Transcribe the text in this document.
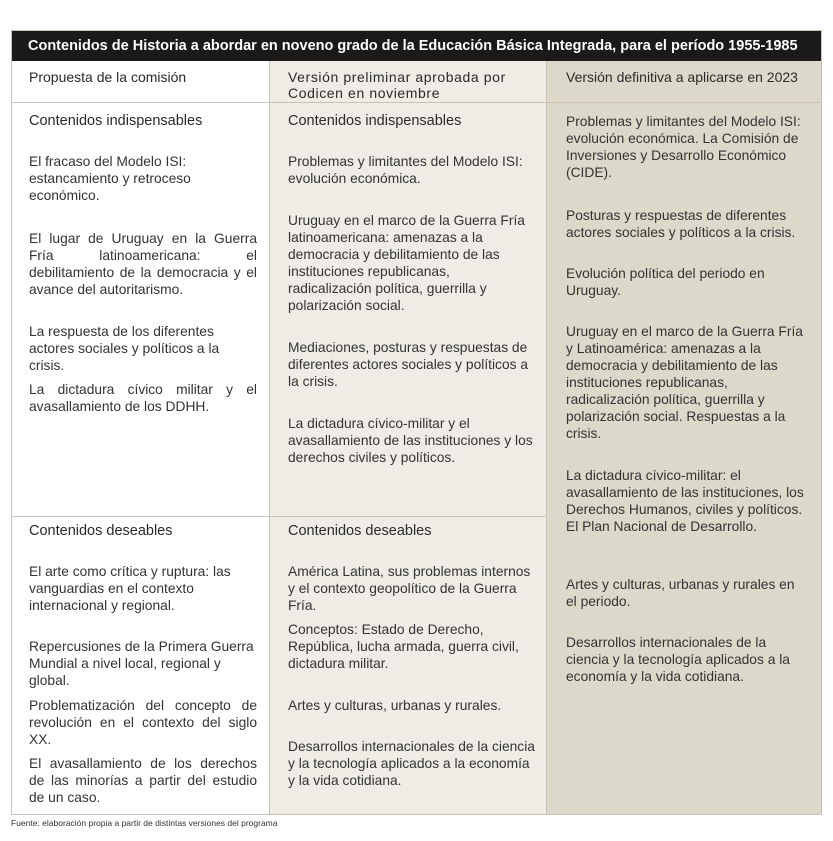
Contenidos de Historia a abordar en noveno grado de la Educación Básica Integrada, para el período 1955-1985
Propuesta de la comisión
Contenidos indispensables
El fracaso del Modelo ISI: estancamiento y retroceso económico.
El lugar de Uruguay en la Guerra Fría latinoamericana: el debilitamiento de la democracia y el avance del autoritarismo.
La respuesta de los diferentes actores sociales y políticos a la crisis.
La dictadura cívico militar y el avasallamiento de los DDHH.
Contenidos deseables
El arte como crítica y ruptura: las vanguardias en el contexto internacional y regional.
Repercusiones de la Primera Guerra Mundial a nivel local, regional y global.
Problematización del concepto de revolución en el contexto del siglo XX.
El avasallamiento de los derechos de las minorías a partir del estudio de un caso.
Versión preliminar aprobada por Codicen en noviembre
Contenidos indispensables
Problemas y limitantes del Modelo ISI: evolución económica.
Uruguay en el marco de la Guerra Fría latinoamericana: amenazas a la democracia y debilitamiento de las instituciones republicanas, radicalización política, guerrilla y polarización social.
Mediaciones, posturas y respuestas de diferentes actores sociales y políticos a la crisis.
La dictadura cívico-militar y el avasallamiento de las instituciones y los derechos civiles y políticos.
Contenidos deseables
América Latina, sus problemas internos y el contexto geopolítico de la Guerra Fría.
Conceptos: Estado de Derecho, República, lucha armada, guerra civil, dictadura militar.
Artes y culturas, urbanas y rurales.
Desarrollos internacionales de la ciencia y la tecnología aplicados a la economía y la vida cotidiana.
Versión definitiva a aplicarse en 2023
Problemas y limitantes del Modelo ISI: evolución económica. La Comisión de Inversiones y Desarrollo Económico (CIDE).
Posturas y respuestas de diferentes actores sociales y políticos a la crisis.
Evolución política del periodo en Uruguay.
Uruguay en el marco de la Guerra Fría y Latinoamérica: amenazas a la democracia y debilitamiento de las instituciones republicanas, radicalización política, guerrilla y polarización social. Respuestas a la crisis.
La dictadura cívico-militar: el avasallamiento de las instituciones, los Derechos Humanos, civiles y políticos. El Plan Nacional de Desarrollo.
Artes y culturas, urbanas y rurales en el periodo.
Desarrollos internacionales de la ciencia y la tecnología aplicados a la economía y la vida cotidiana.
Fuente: elaboración propia a partir de distintas versiones del programa
